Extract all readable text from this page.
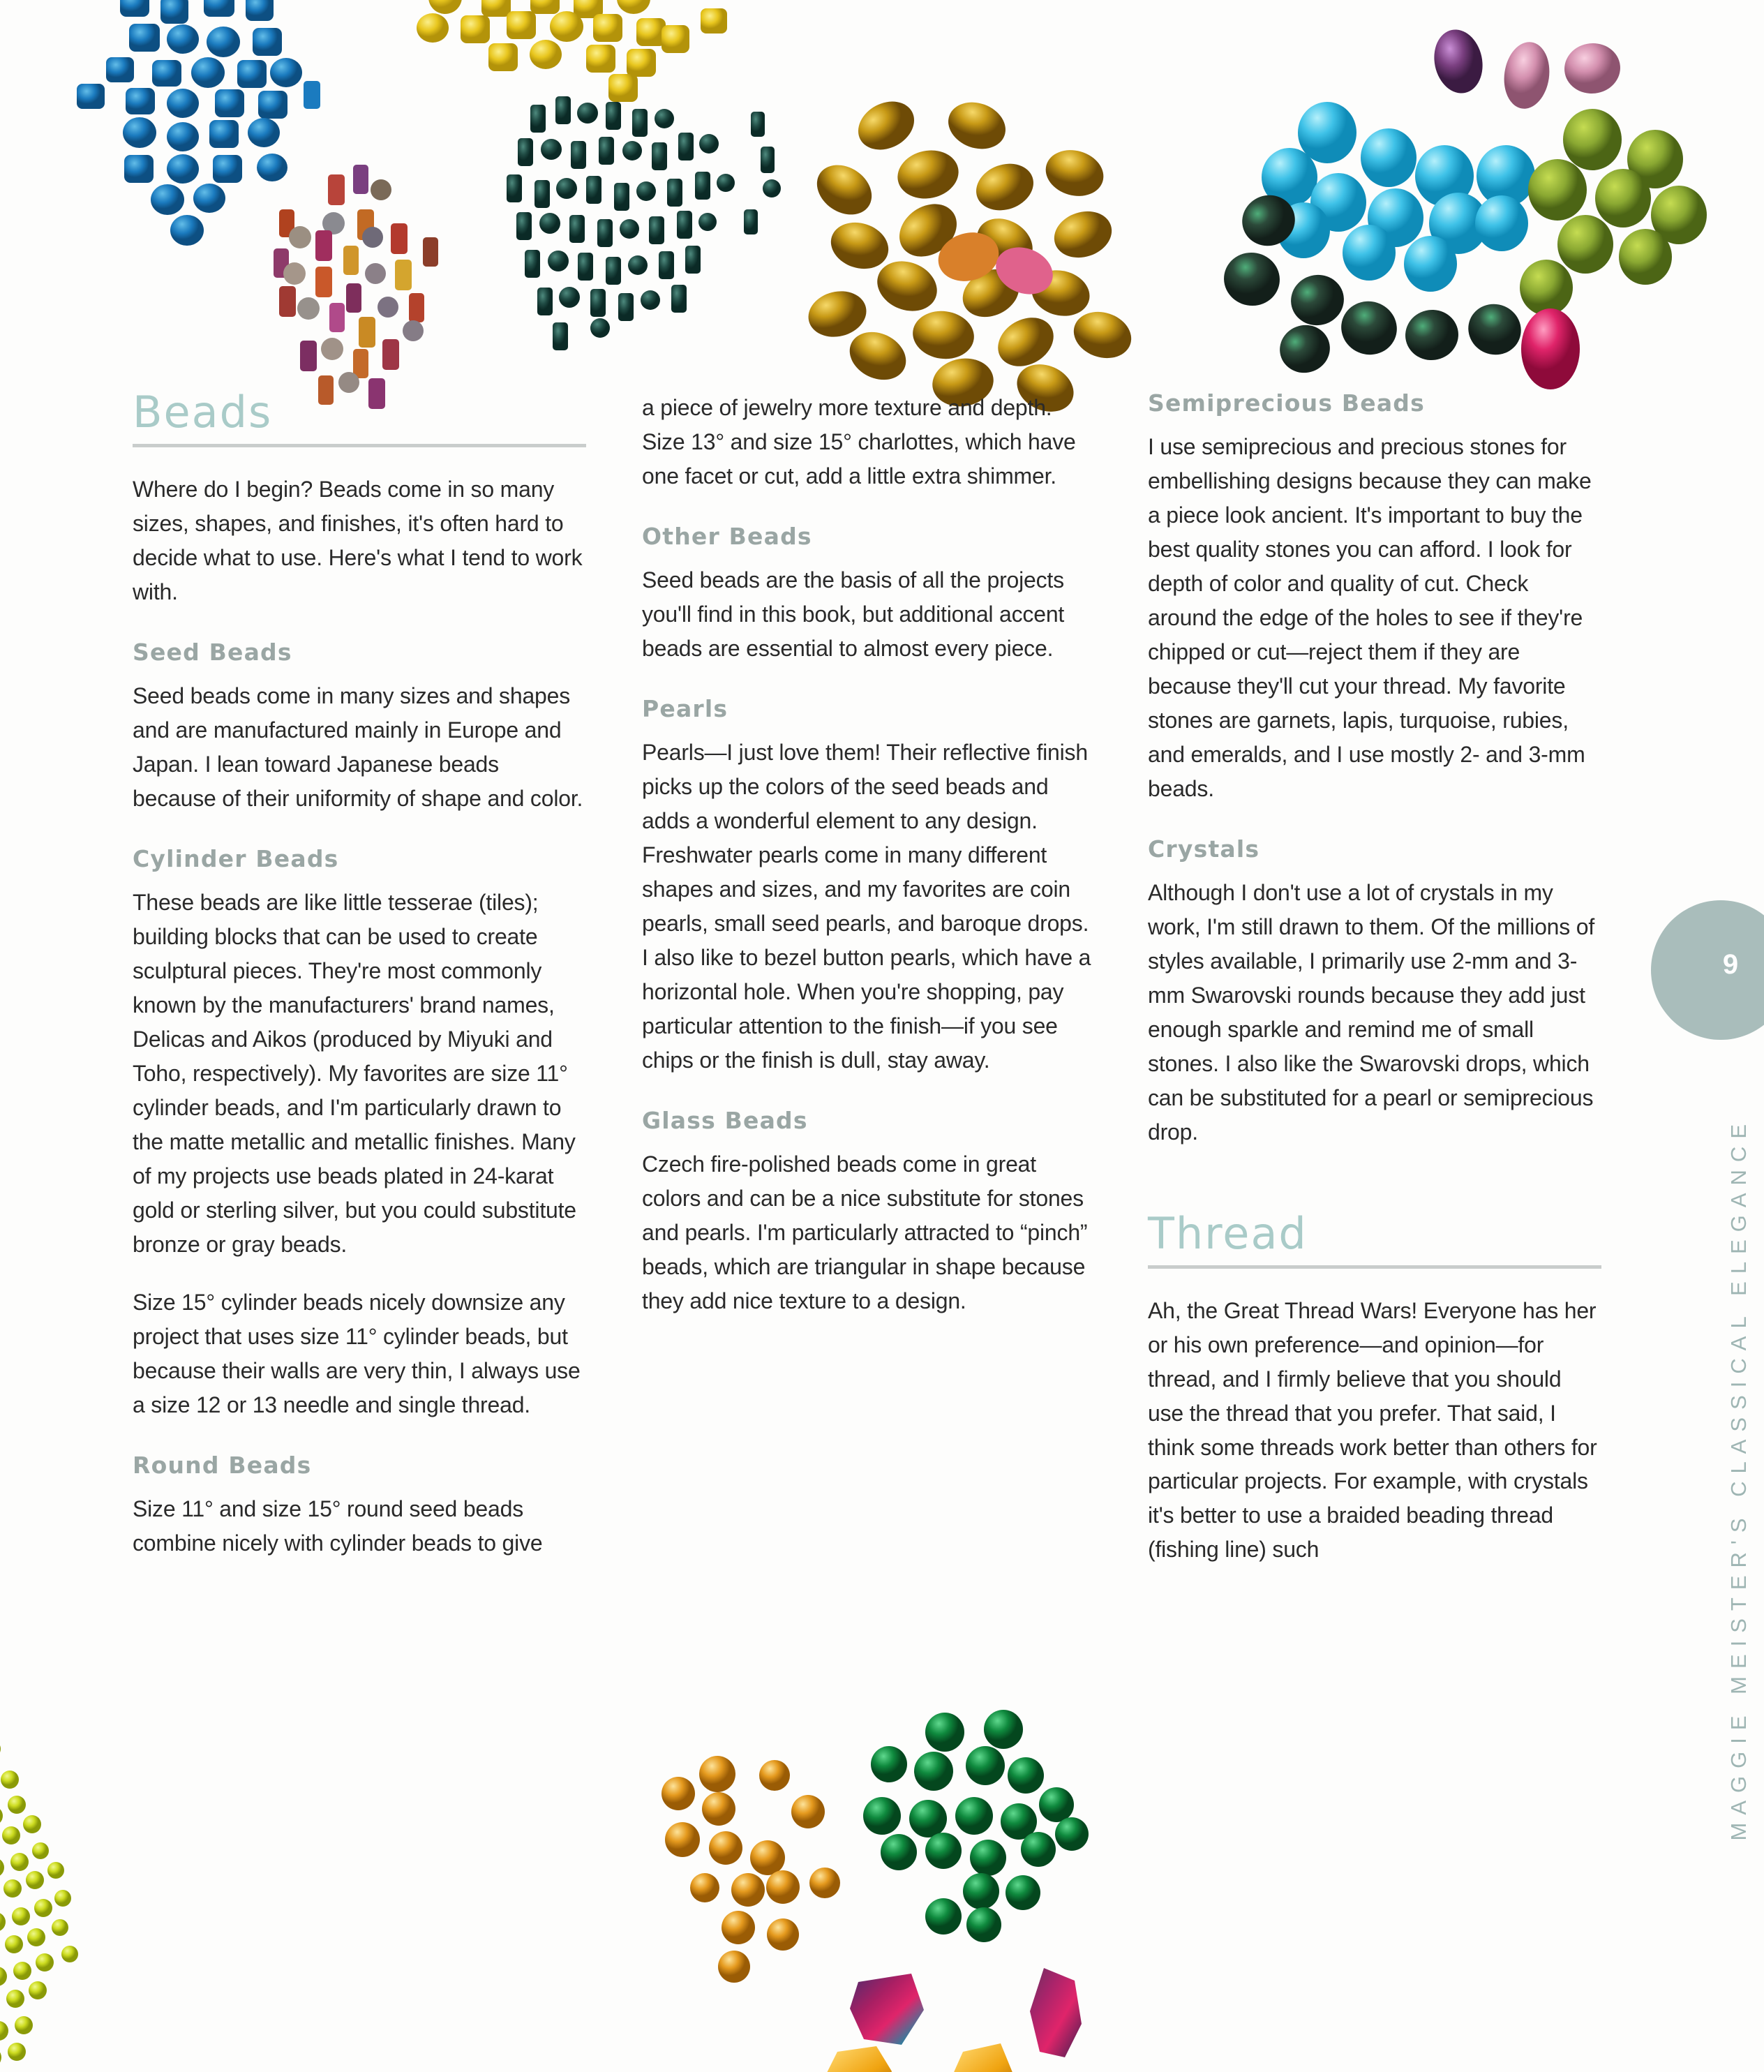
Beads

Where do I begin? Beads come in so many sizes, shapes, and finishes, it's often hard to decide what to use. Here's what I tend to work with.

Seed Beads

Seed beads come in many sizes and shapes and are manufactured mainly in Europe and Japan. I lean toward Japanese beads because of their uniformity of shape and color.

Cylinder Beads

These beads are like little tesserae (tiles); building blocks that can be used to create sculptural pieces. They're most commonly known by the manufacturers' brand names, Delicas and Aikos (produced by Miyuki and Toho, respectively). My favorites are size 11° cylinder beads, and I'm particularly drawn to the matte metallic and metallic finishes. Many of my projects use beads plated in 24-karat gold or sterling silver, but you could substitute bronze or gray beads.

Size 15° cylinder beads nicely downsize any project that uses size 11° cylinder beads, but because their walls are very thin, I always use a size 12 or 13 needle and single thread.

Round Beads

Size 11° and size 15° round seed beads combine nicely with cylinder beads to give

a piece of jewelry more texture and depth. Size 13° and size 15° charlottes, which have one facet or cut, add a little extra shimmer.

Other Beads

Seed beads are the basis of all the projects you'll find in this book, but additional accent beads are essential to almost every piece.

Pearls

Pearls—I just love them! Their reflective finish picks up the colors of the seed beads and adds a wonderful element to any design. Freshwater pearls come in many different shapes and sizes, and my favorites are coin pearls, small seed pearls, and baroque drops. I also like to bezel button pearls, which have a horizontal hole. When you're shopping, pay particular attention to the finish—if you see chips or the finish is dull, stay away.

Glass Beads

Czech fire-polished beads come in great colors and can be a nice substitute for stones and pearls. I'm particularly attracted to “pinch” beads, which are triangular in shape because they add nice texture to a design.

Semiprecious Beads

I use semiprecious and precious stones for embellishing designs because they can make a piece look ancient. It's important to buy the best quality stones you can afford. I look for depth of color and quality of cut. Check around the edge of the holes to see if they're chipped or cut—reject them if they are because they'll cut your thread. My favorite stones are garnets, lapis, turquoise, rubies, and emeralds, and I use mostly 2- and 3-mm beads.

Crystals

Although I don't use a lot of crystals in my work, I'm still drawn to them. Of the millions of styles available, I primarily use 2-mm and 3-mm Swarovski rounds because they add just enough sparkle and remind me of small stones. I also like the Swarovski drops, which can be substituted for a pearl or semiprecious drop.

Thread

Ah, the Great Thread Wars! Everyone has her or his own preference—and opinion—for thread, and I firmly believe that you should use the thread that you prefer. That said, I think some threads work better than others for particular projects. For example, with crystals it's better to use a braided beading thread (fishing line) such

9
MAGGIE MEISTER'S CLASSICAL ELEGANCE
